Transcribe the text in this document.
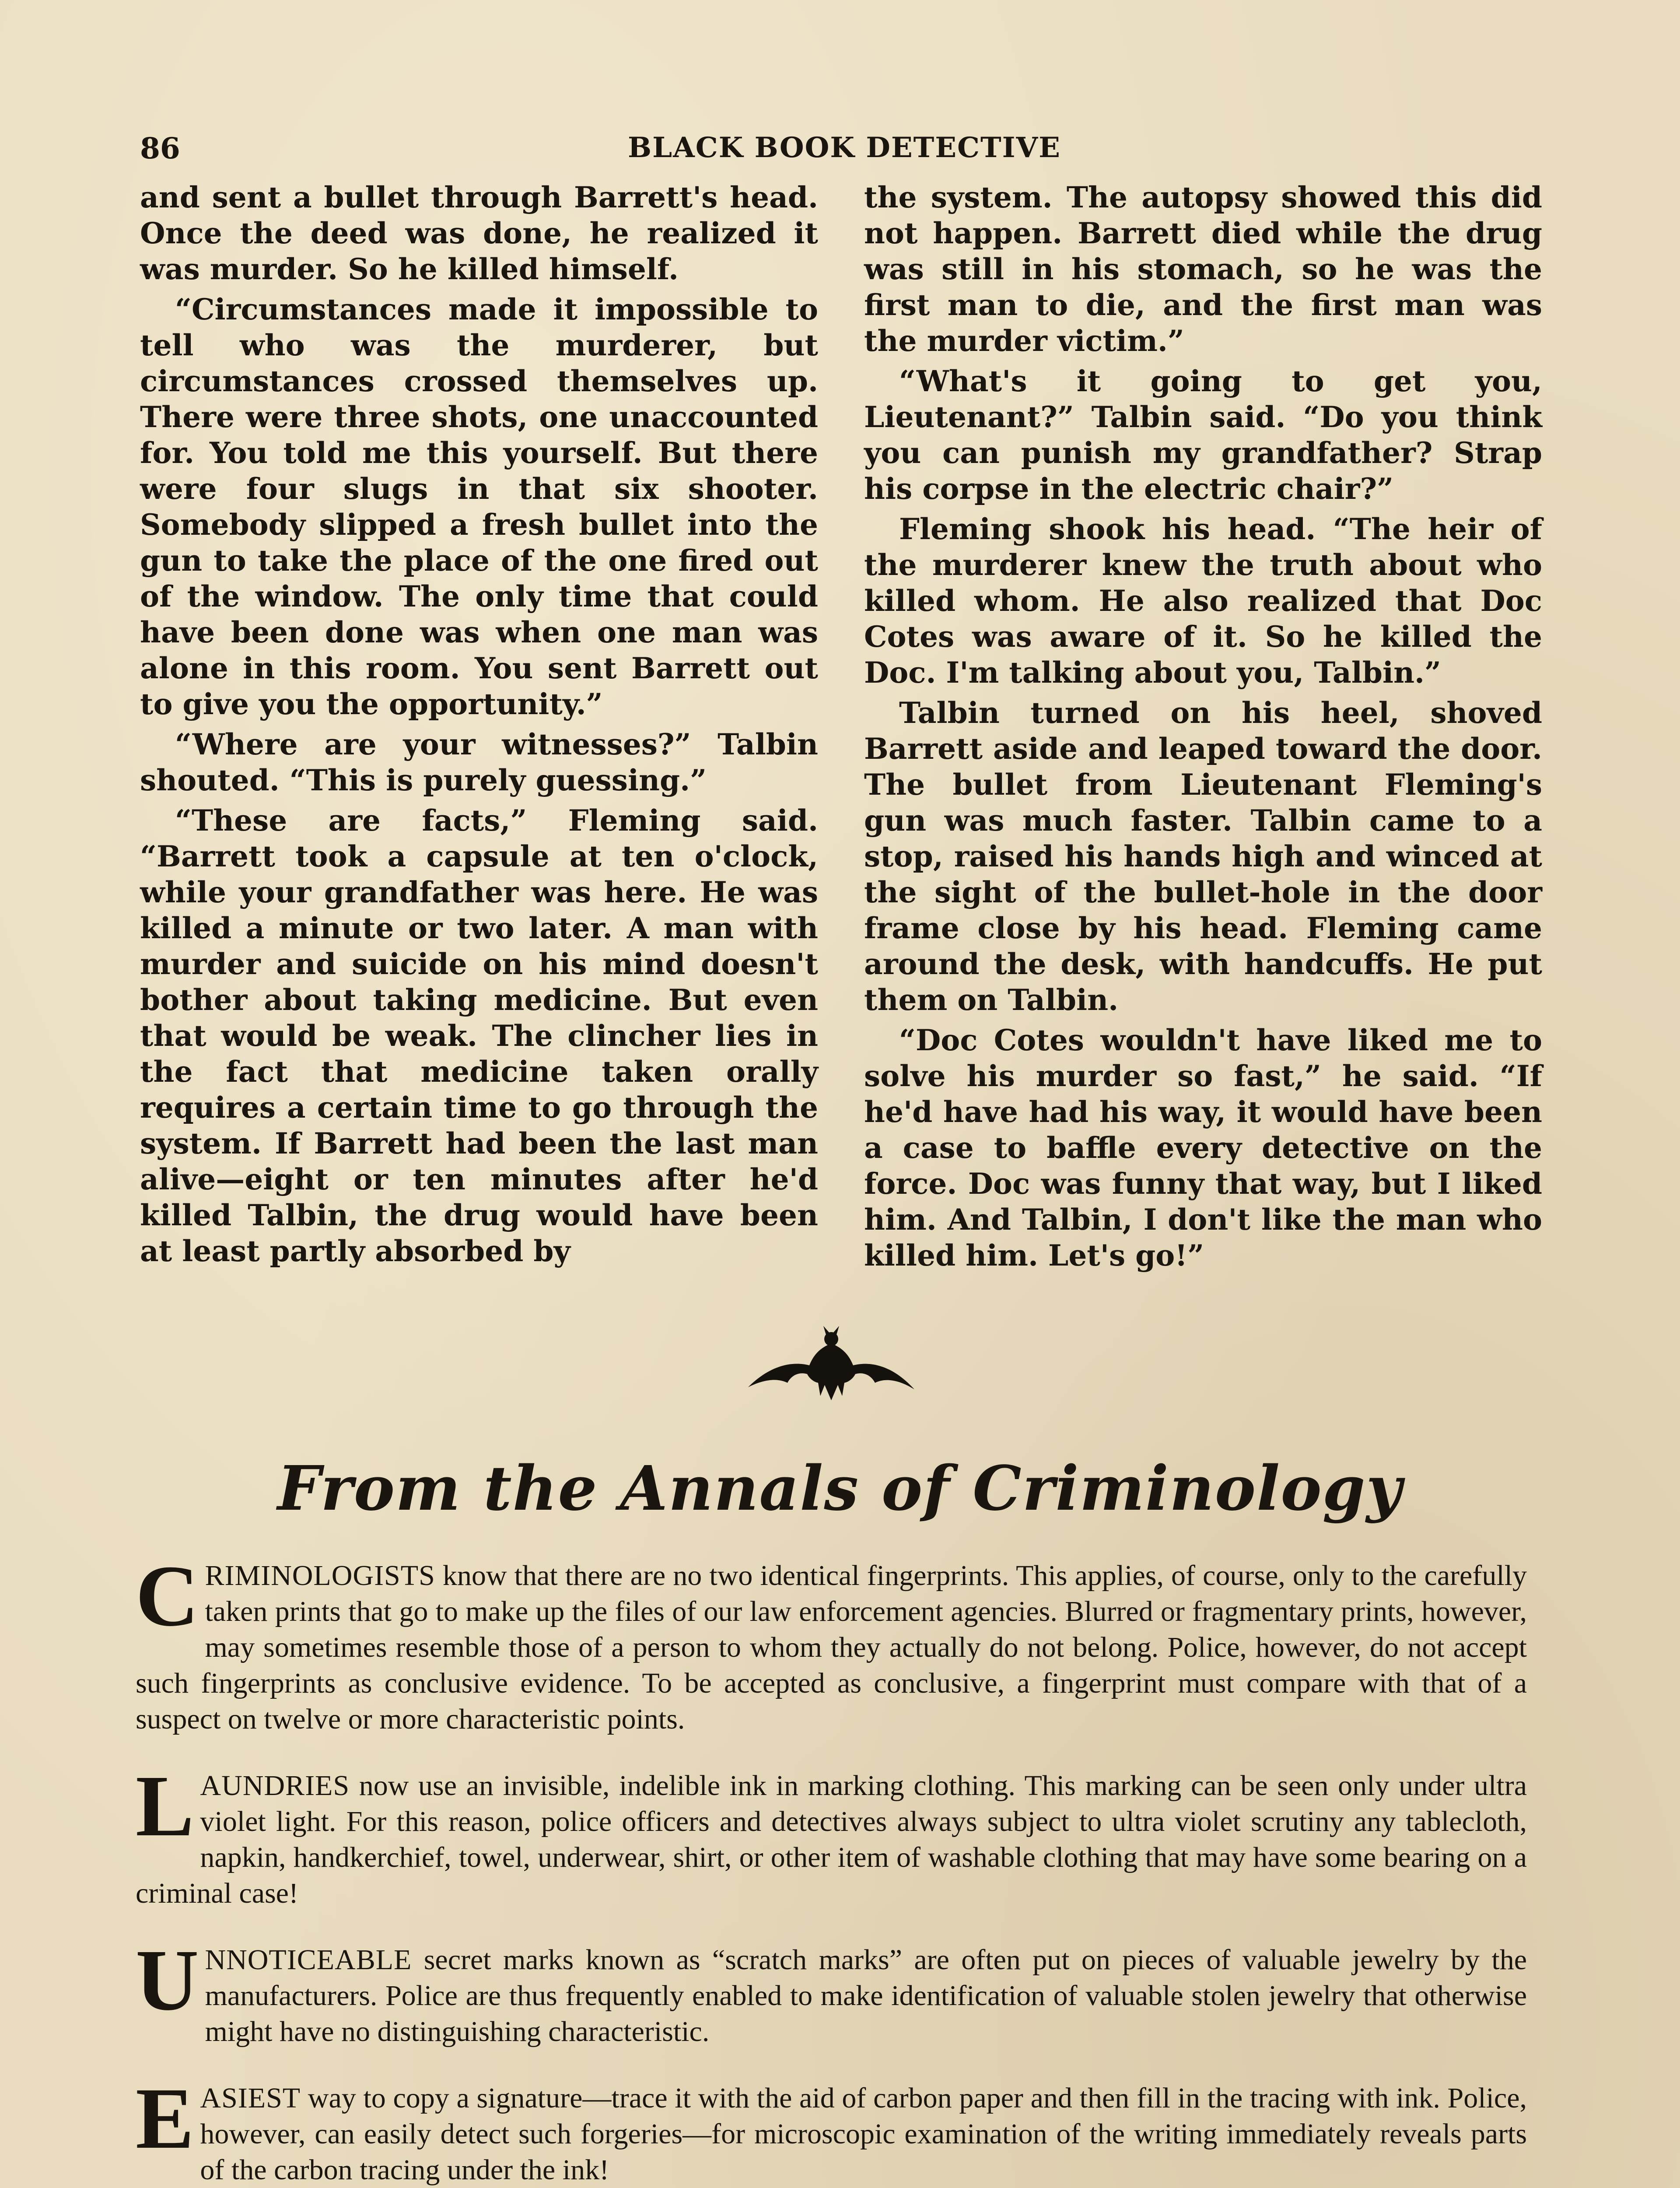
86	BLACK BOOK DETECTIVE

and sent a bullet through Barrett's head. Once the deed was done, he realized it was murder. So he killed himself.

“Circumstances made it impossible to tell who was the murderer, but circumstances crossed themselves up. There were three shots, one unaccounted for. You told me this yourself. But there were four slugs in that six shooter. Somebody slipped a fresh bullet into the gun to take the place of the one fired out of the window. The only time that could have been done was when one man was alone in this room. You sent Barrett out to give you the opportunity.”

“Where are your witnesses?” Talbin shouted. “This is purely guessing.”

“These are facts,” Fleming said. “Barrett took a capsule at ten o'clock, while your grandfather was here. He was killed a minute or two later. A man with murder and suicide on his mind doesn't bother about taking medicine. But even that would be weak. The clincher lies in the fact that medicine taken orally requires a certain time to go through the system. If Barrett had been the last man alive—eight or ten minutes after he'd killed Talbin, the drug would have been at least partly absorbed by

the system. The autopsy showed this did not happen. Barrett died while the drug was still in his stomach, so he was the first man to die, and the first man was the murder victim.”

“What's it going to get you, Lieutenant?” Talbin said. “Do you think you can punish my grandfather? Strap his corpse in the electric chair?”

Fleming shook his head. “The heir of the murderer knew the truth about who killed whom. He also realized that Doc Cotes was aware of it. So he killed the Doc. I'm talking about you, Talbin.”

Talbin turned on his heel, shoved Barrett aside and leaped toward the door. The bullet from Lieutenant Fleming's gun was much faster. Talbin came to a stop, raised his hands high and winced at the sight of the bullet-hole in the door frame close by his head. Fleming came around the desk, with handcuffs. He put them on Talbin.

“Doc Cotes wouldn't have liked me to solve his murder so fast,” he said. “If he'd have had his way, it would have been a case to baffle every detective on the force. Doc was funny that way, but I liked him. And Talbin, I don't like the man who killed him. Let's go!”

From the Annals of Criminology
CRIMINOLOGISTS know that there are no two identical fingerprints. This applies, of course, only to the carefully taken prints that go to make up the files of our law enforcement agencies. Blurred or fragmentary prints, however, may sometimes resemble those of a person to whom they actually do not belong. Police, however, do not accept such fingerprints as conclusive evidence. To be accepted as conclusive, a fingerprint must compare with that of a suspect on twelve or more characteristic points.
LAUNDRIES now use an invisible, indelible ink in marking clothing. This marking can be seen only under ultra violet light. For this reason, police officers and detectives always subject to ultra violet scrutiny any tablecloth, napkin, handkerchief, towel, underwear, shirt, or other item of washable clothing that may have some bearing on a criminal case!
UNNOTICEABLE secret marks known as “scratch marks” are often put on pieces of valuable jewelry by the manufacturers. Police are thus frequently enabled to make identification of valuable stolen jewelry that otherwise might have no distinguishing characteristic.
EASIEST way to copy a signature—trace it with the aid of carbon paper and then fill in the tracing with ink. Police, however, can easily detect such forgeries—for microscopic examination of the writing immediately reveals parts of the carbon tracing under the ink!
